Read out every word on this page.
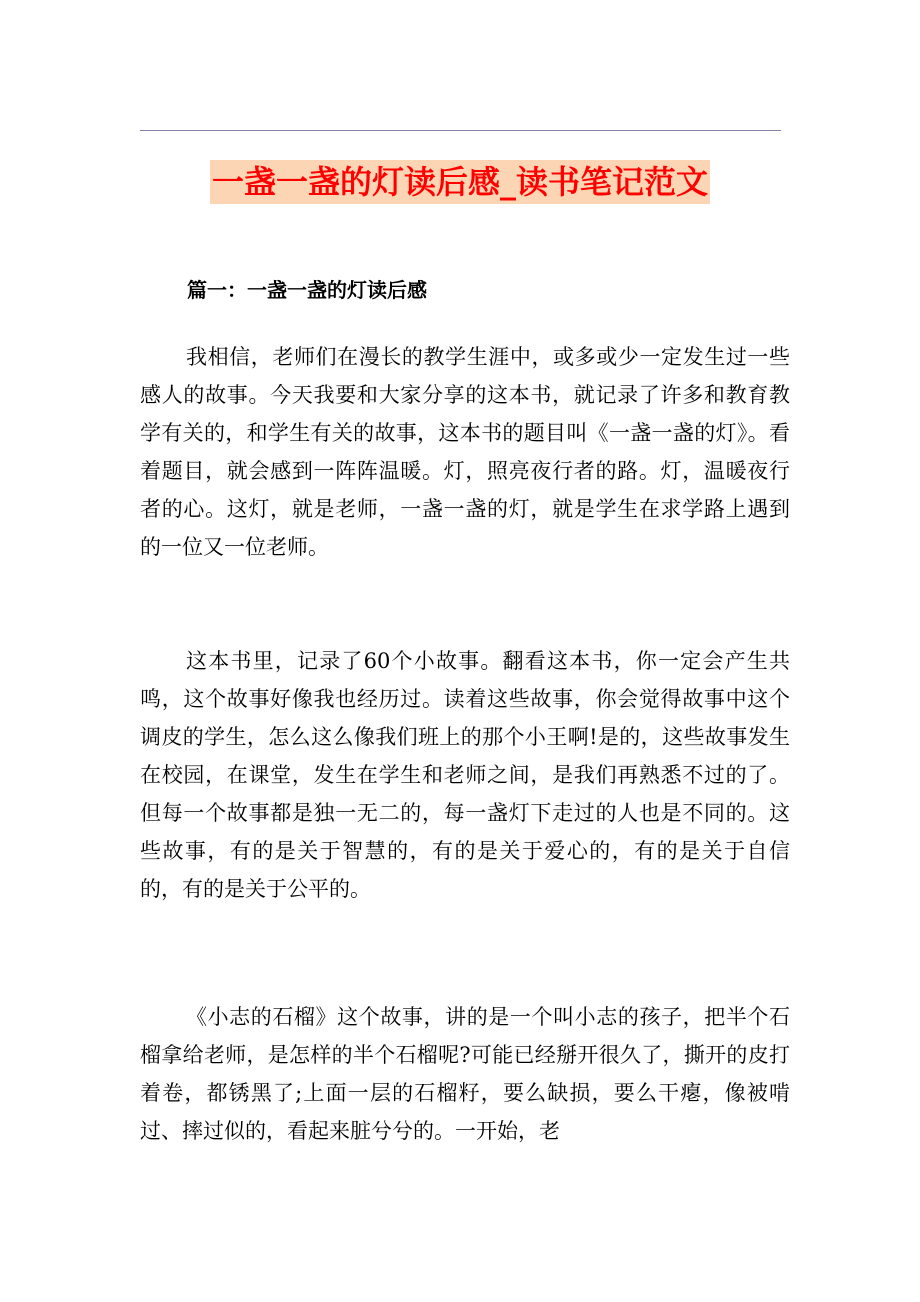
一盏一盏的灯读后感_读书笔记范文
篇一：一盏一盏的灯读后感

我相信，老师们在漫长的教学生涯中，或多或少一定发生过一些感人的故事。今天我要和大家分享的这本书，就记录了许多和教育教学有关的，和学生有关的故事，这本书的题目叫《一盏一盏的灯》。看着题目，就会感到一阵阵温暖。灯，照亮夜行者的路。灯，温暖夜行者的心。这灯，就是老师，一盏一盏的灯，就是学生在求学路上遇到的一位又一位老师。

这本书里，记录了60个小故事。翻看这本书，你一定会产生共鸣，这个故事好像我也经历过。读着这些故事，你会觉得故事中这个调皮的学生，怎么这么像我们班上的那个小王啊!是的，这些故事发生在校园，在课堂，发生在学生和老师之间，是我们再熟悉不过的了。但每一个故事都是独一无二的，每一盏灯下走过的人也是不同的。这些故事，有的是关于智慧的，有的是关于爱心的，有的是关于自信的，有的是关于公平的。

《小志的石榴》这个故事，讲的是一个叫小志的孩子，把半个石榴拿给老师，是怎样的半个石榴呢?可能已经掰开很久了，撕开的皮打着卷，都锈黑了;上面一层的石榴籽，要么缺损，要么干瘪，像被啃过、摔过似的，看起来脏兮兮的。一开始，老
